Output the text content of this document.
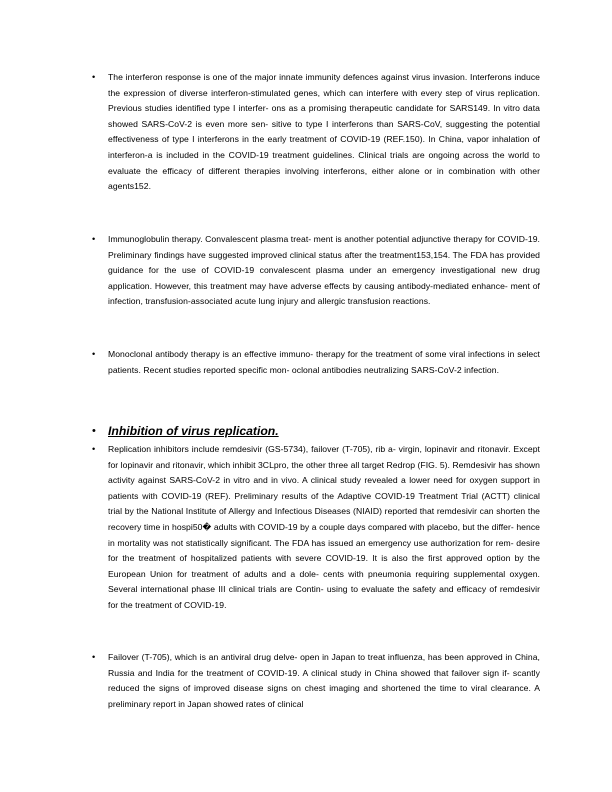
•	The interferon response is one of the major innate immunity defences against virus invasion. Interferons induce the expression of diverse interferon-stimulated genes, which can interfere with every step of virus replication. Previous studies identified type I interfer- ons as a promising therapeutic candidate for SARS149. In vitro data showed SARS-CoV-2 is even more sen- sitive to type I interferons than SARS-CoV, suggesting the potential effectiveness of type I interferons in the early treatment of COVID-19 (REF.150). In China, vapor inhalation of interferon-a is included in the COVID-19 treatment guidelines. Clinical trials are ongoing across the world to evaluate the efficacy of different therapies involving interferons, either alone or in combination with other agents152.
•	Immunoglobulin therapy. Convalescent plasma treat- ment is another potential adjunctive therapy for COVID-19. Preliminary findings have suggested improved clinical status after the treatment153,154. The FDA has provided guidance for the use of COVID-19 convalescent plasma under an emergency investigational new drug application. However, this treatment may have adverse effects by causing antibody-mediated enhance- ment of infection, transfusion-associated acute lung injury and allergic transfusion reactions.
•	Monoclonal antibody therapy is an effective immuno- therapy for the treatment of some viral infections in select patients. Recent studies reported specific mon- oclonal antibodies neutralizing SARS-CoV-2 infection.
• Inhibition of virus replication.
•	Replication inhibitors include remdesivir (GS-5734), failover (T-705), rib a- virgin, lopinavir and ritonavir. Except for lopinavir and ritonavir, which inhibit 3CLpro, the other three all target Redrop (FIG. 5). Remdesivir has shown activity against SARS-CoV-2 in vitro and in vivo. A clinical study revealed a lower need for oxygen support in patients with COVID-19 (REF). Preliminary results of the Adaptive COVID-19 Treatment Trial (ACTT) clinical trial by the National Institute of Allergy and Infectious Diseases (NIAID) reported that remdesivir can shorten the recovery time in hospi50� adults with COVID-19 by a couple days compared with placebo, but the differ- hence in mortality was not statistically significant. The FDA has issued an emergency use authorization for rem- desire for the treatment of hospitalized patients with severe COVID-19. It is also the first approved option by the European Union for treatment of adults and a dole- cents with pneumonia requiring supplemental oxygen. Several international phase III clinical trials are Contin- using to evaluate the safety and efficacy of remdesivir for the treatment of COVID-19.
•	Failover (T-705), which is an antiviral drug delve- open in Japan to treat influenza, has been approved in China, Russia and India for the treatment of COVID-19. A clinical study in China showed that failover sign if- scantly reduced the signs of improved disease signs on chest imaging and shortened the time to viral clearance. A preliminary report in Japan showed rates of clinical
